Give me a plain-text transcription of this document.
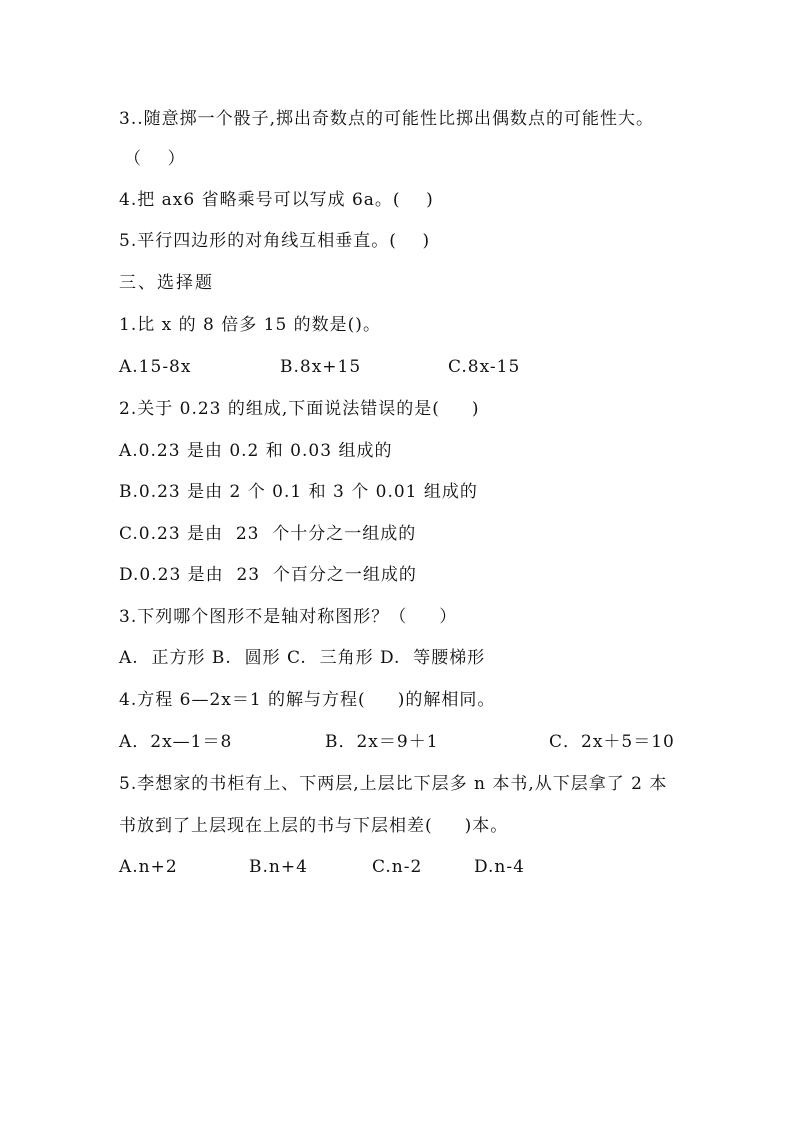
3..随意掷一个骰子,掷出奇数点的可能性比掷出偶数点的可能性大。
（    ）
4.把 ax6 省略乘号可以写成 6a。(    )
5.平行四边形的对角线互相垂直。(    )
三、选择题
1.比 x 的 8 倍多 15 的数是()。
A.15-8x	B.8x+15	C.8x-15
2.关于 0.23 的组成,下面说法错误的是(     )
A.0.23 是由 0.2 和 0.03 组成的
B.0.23 是由 2 个 0.1 和 3 个 0.01 组成的
C.0.23 是由  23  个十分之一组成的
D.0.23 是由  23  个百分之一组成的
3.下列哪个图形不是轴对称图形？（     ）
A.  正方形 B.  圆形 C.  三角形 D.  等腰梯形
4.方程 6—2x＝1 的解与方程(     )的解相同。
A．2x—1＝8	B．2x＝9＋1	C．2x＋5＝10
5.李想家的书柜有上、下两层,上层比下层多 n 本书,从下层拿了 2 本
书放到了上层现在上层的书与下层相差(     )本。
A.n+2	B.n+4	C.n-2	D.n-4
